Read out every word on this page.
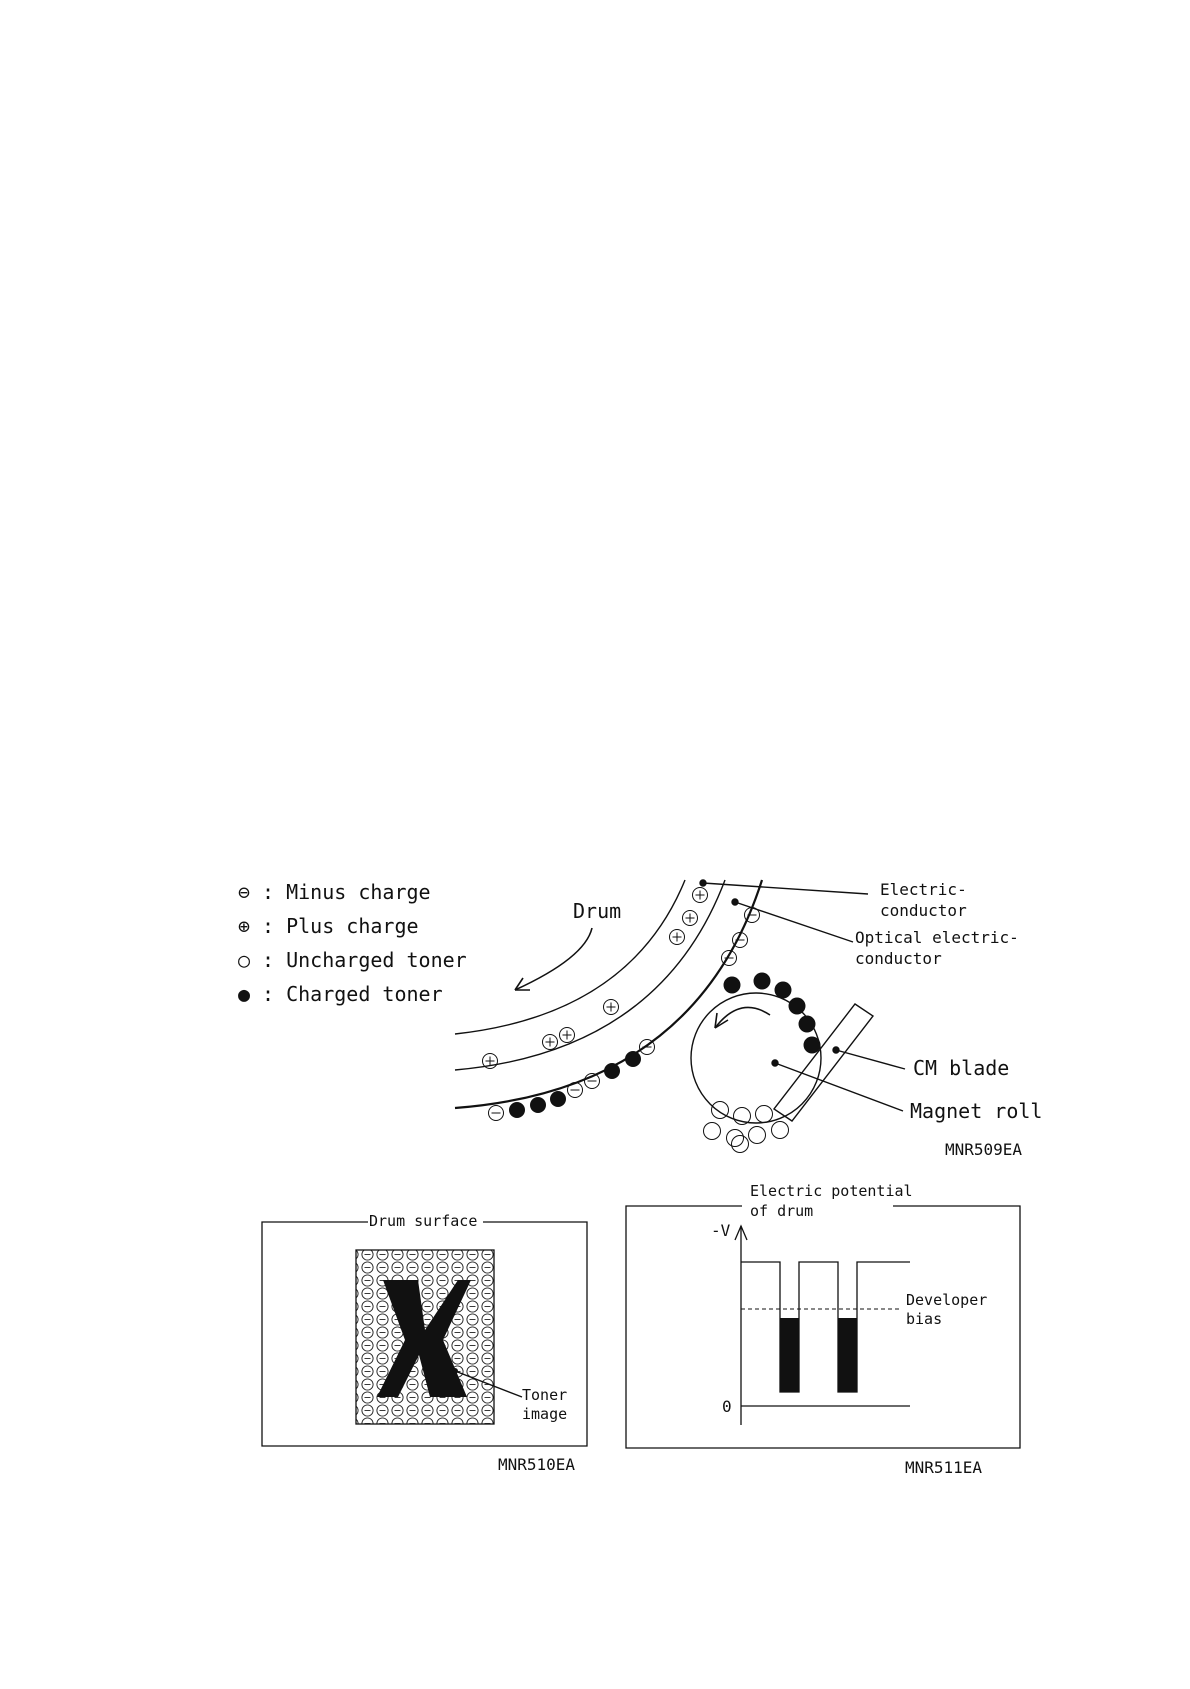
⊖ : Minus charge
⊕ : Plus charge
○ : Uncharged toner
● : Charged toner
Drum
Electric-
conductor
Optical electric-
conductor
CM blade
Magnet roll
MNR509EA
Drum surface
Toner
image
MNR510EA
Electric potential
of drum
-V
0
Developer
bias
MNR511EA
